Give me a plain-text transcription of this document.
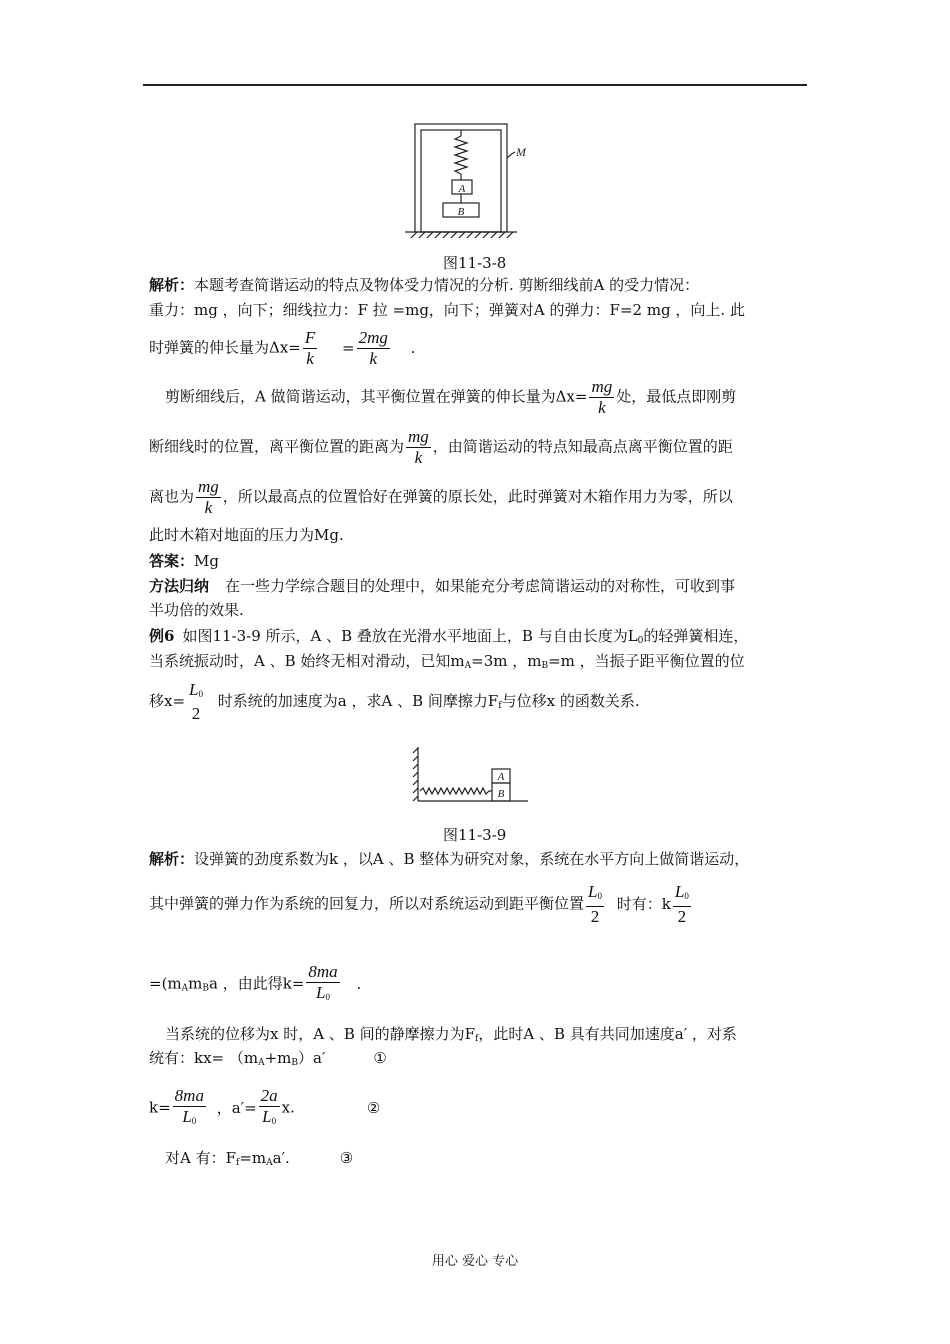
M
A
B
图11-3-8
解析：本题考查简谐运动的特点及物体受力情况的分析. 剪断细线前A 的受力情况：
重力：mg ，向下；细线拉力：F 拉 =mg，向下；弹簧对A 的弹力：F=2 mg ，向上. 此
时弹簧的伸长量为$\Delta x= \frac{F}{k} = \frac{2mg}{k}$ .
剪断细线后，A 做简谐运动，其平衡位置在弹簧的伸长量为$\Delta x= \frac{mg}{k}$ 处，最低点即刚剪
断细线时的位置，离平衡位置的距离为 $\frac{mg}{k}$ ，由简谐运动的特点知最高点离平衡位置的距
离也为 $\frac{mg}{k}$ ，所以最高点的位置恰好在弹簧的原长处，此时弹簧对木箱作用力为零，所以
此时木箱对地面的压力为Mg.
答案：Mg
方法归纳 在一些力学综合题目的处理中，如果能充分考虑简谐运动的对称性，可收到事
半功倍的效果.
例6 如图11-3-9 所示，A 、B 叠放在光滑水平地面上，B 与自由长度为$L_0$的轻弹簧相连，
当系统振动时，A 、B 始终无相对滑动，已知$m_A=3m$ ，$m_B=m$ ，当振子距平衡位置的位
移x=
$L_0$
2
时系统的加速度为a ，求A 、B 间摩擦力$F_f$与位移x 的函数关系.
A
B
图11-3-9
解析：设弹簧的劲度系数为k ，以A 、B 整体为研究对象，系统在水平方向上做简谐运动，
其中弹簧的弹力作为系统的回复力，所以对系统运动到距平衡位置 $\frac{L_0}{2}$ 时有：k $\frac{L_0}{2}$
$=(m_Am_Ba$ ，由此得$k= \frac{8ma}{L_0}$ .
当系统的位移为x 时，A 、B 间的静摩擦力为$F_f$，此时A 、B 具有共同加速度a′ ，对系
统有：$kx= (m_A+m_B)a'$	①
$k= \frac{8ma}{L_0}$ ，$a'= \frac{2a}{L_0} x$.	②
对A 有：$F_f=m_Aa'$.	③
用心 爱心 专心
